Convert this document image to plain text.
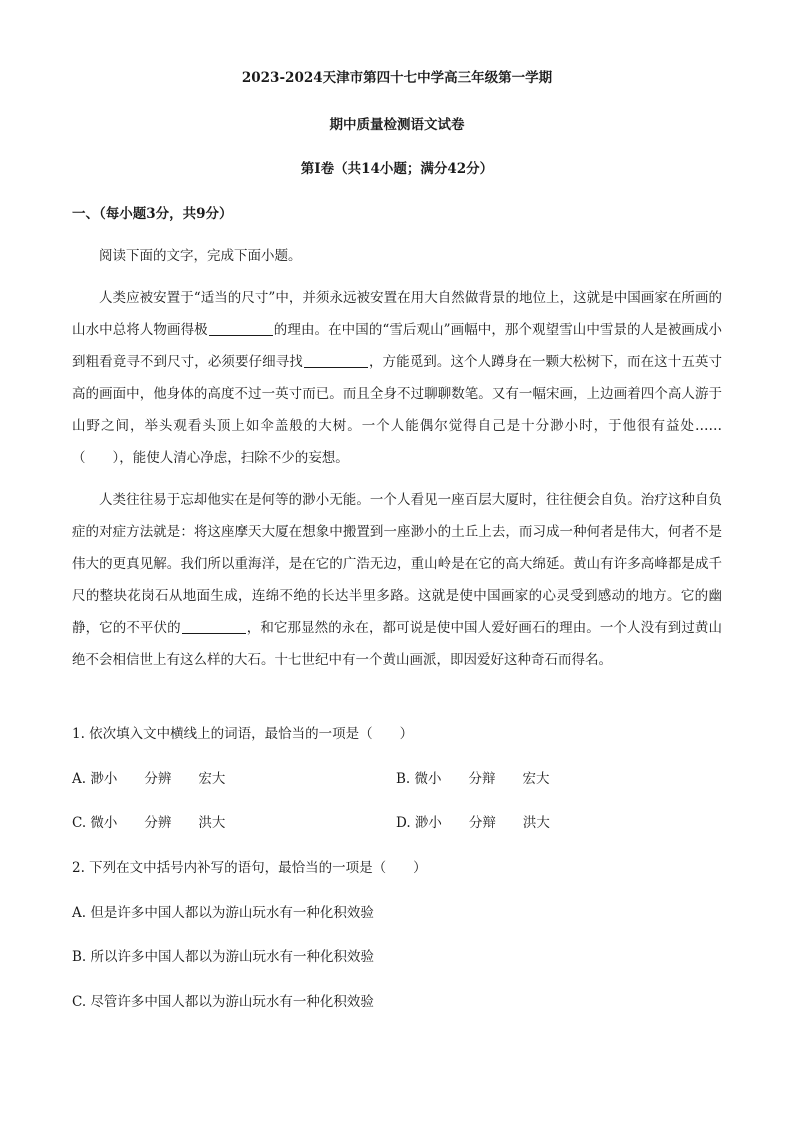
2023-2024天津市第四十七中学高三年级第一学期
期中质量检测语文试卷
第Ⅰ卷（共14小题；满分42分）
一、（每小题3分，共9分）

阅读下面的文字，完成下面小题。

人类应被安置于“适当的尺寸”中，并须永远被安置在用大自然做背景的地位上，这就是中国画家在所画的山水中总将人物画得极	的理由。在中国的“雪后观山”画幅中，那个观望雪山中雪景的人是被画成小到粗看竟寻不到尺寸，必须要仔细寻找	，方能觅到。这个人蹲身在一颗大松树下，而在这十五英寸高的画面中，他身体的高度不过一英寸而已。而且全身不过聊聊数笔。又有一幅宋画，上边画着四个高人游于山野之间，举头观看头顶上如伞盖般的大树。一个人能偶尔觉得自己是十分渺小时，于他很有益处……（　　），能使人清心净虑，扫除不少的妄想。

人类往往易于忘却他实在是何等的渺小无能。一个人看见一座百层大厦时，往往便会自负。治疗这种自负症的对症方法就是：将这座摩天大厦在想象中搬置到一座渺小的土丘上去，而习成一种何者是伟大，何者不是伟大的更真见解。我们所以重海洋，是在它的广浩无边，重山岭是在它的高大绵延。黄山有许多高峰都是成千尺的整块花岗石从地面生成，连绵不绝的长达半里多路。这就是使中国画家的心灵受到感动的地方。它的幽静，它的不平伏的	，和它那显然的永在，都可说是使中国人爱好画石的理由。一个人没有到过黄山绝不会相信世上有这么样的大石。十七世纪中有一个黄山画派，即因爱好这种奇石而得名。

1. 依次填入文中横线上的词语，最恰当的一项是（　　）
A. 渺小　　分辨　　宏大	B. 微小　　分辩　　宏大
C. 微小　　分辨　　洪大	D. 渺小　　分辩　　洪大
2. 下列在文中括号内补写的语句，最恰当的一项是（　　）
A. 但是许多中国人都以为游山玩水有一种化积效验
B. 所以许多中国人都以为游山玩水有一种化积效验
C. 尽管许多中国人都以为游山玩水有一种化积效验
